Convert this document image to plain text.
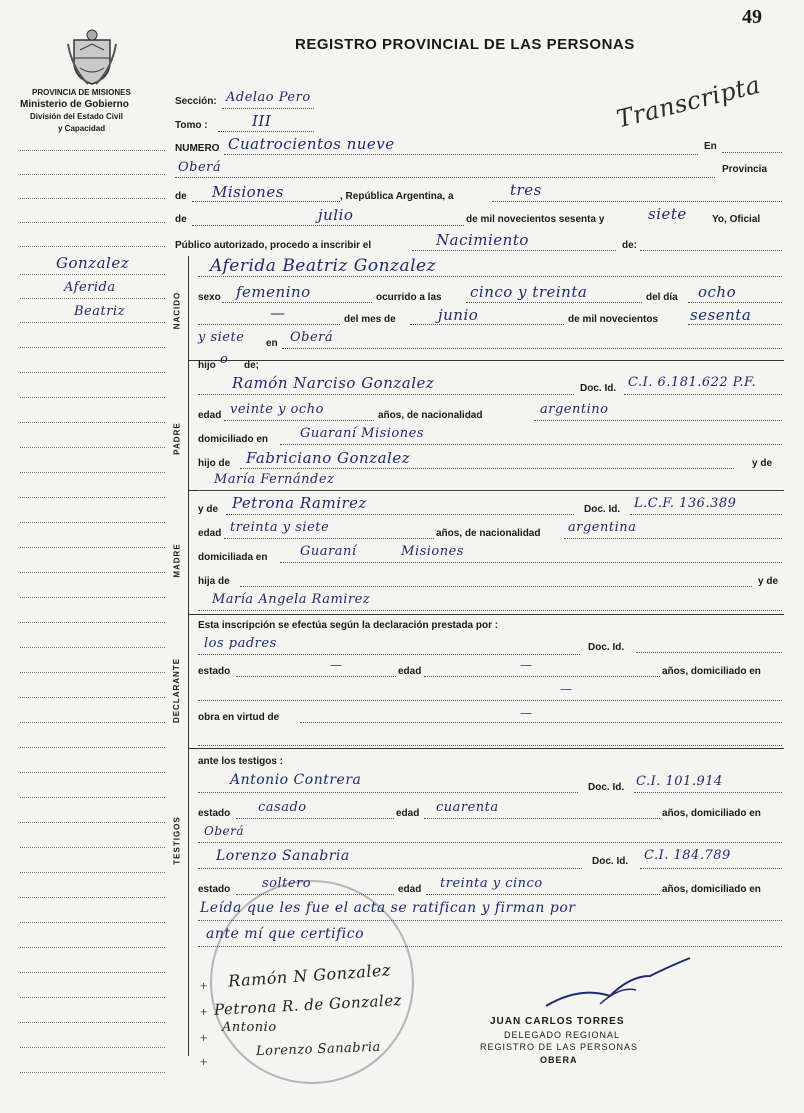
49
REGISTRO PROVINCIAL DE LAS PERSONAS
PROVINCIA DE MISIONES
Ministerio de Gobierno
División del Estado Civil
y Capacidad	Transcripta
Gonzalez
Aferida
Beatriz	NACIDO
PADRE
MADRE
DECLARANTE
TESTIGOS
Sección: Adelao Pero
Tomo :	III
NUMERO Cuatrocientos nueve	En
Oberá	Provincia
de Misiones	, República Argentina, a	tres
de	julio	de mil novecientos sesenta y	siete	Yo, Oficial
Público autorizado, procedo a inscribir el	Nacimiento	de:
Aferida Beatriz Gonzalez
sexo femenino	ocurrido a las cinco y treinta	del día ocho
—	del mes de	junio	de mil novecientos sesenta
y siete en Oberá
hijo o de;
Ramón Narciso Gonzalez	Doc. Id. C.I. 6.181.622 P.F.
edad veinte y ocho	años, de nacionalidad	argentino
domiciliado en Guaraní Misiones
hijo de Fabriciano Gonzalez	y de
María Fernández
y de Petrona Ramirez	Doc. Id. L.C.F. 136.389
edad treinta y siete	años, de nacionalidad argentina
domiciliada en	Guaraní Misiones
hija de	y de
María Angela Ramirez
Esta inscripción se efectúa según la declaración prestada por :
los padres	Doc. Id.
estado	—	edad	—	años, domiciliado en
—
obra en virtud de	—
ante los testigos :
Antonio Contrera	Doc. Id. C.I. 101.914
estado casado	edad cuarenta	años, domiciliado en
Oberá
Lorenzo Sanabria	Doc. Id. C.I. 184.789
estado soltero	edad treinta y cinco	años, domiciliado en
Leída que les fue el acta se ratifican y firman por
ante mí que certifico
Ramón N Gonzalez
Petrona R. de Gonzalez
Antonio
Lorenzo Sanabria
+
+
+
+
JUAN CARLOS TORRES
DELEGADO REGIONAL
REGISTRO DE LAS PERSONAS
OBERA
